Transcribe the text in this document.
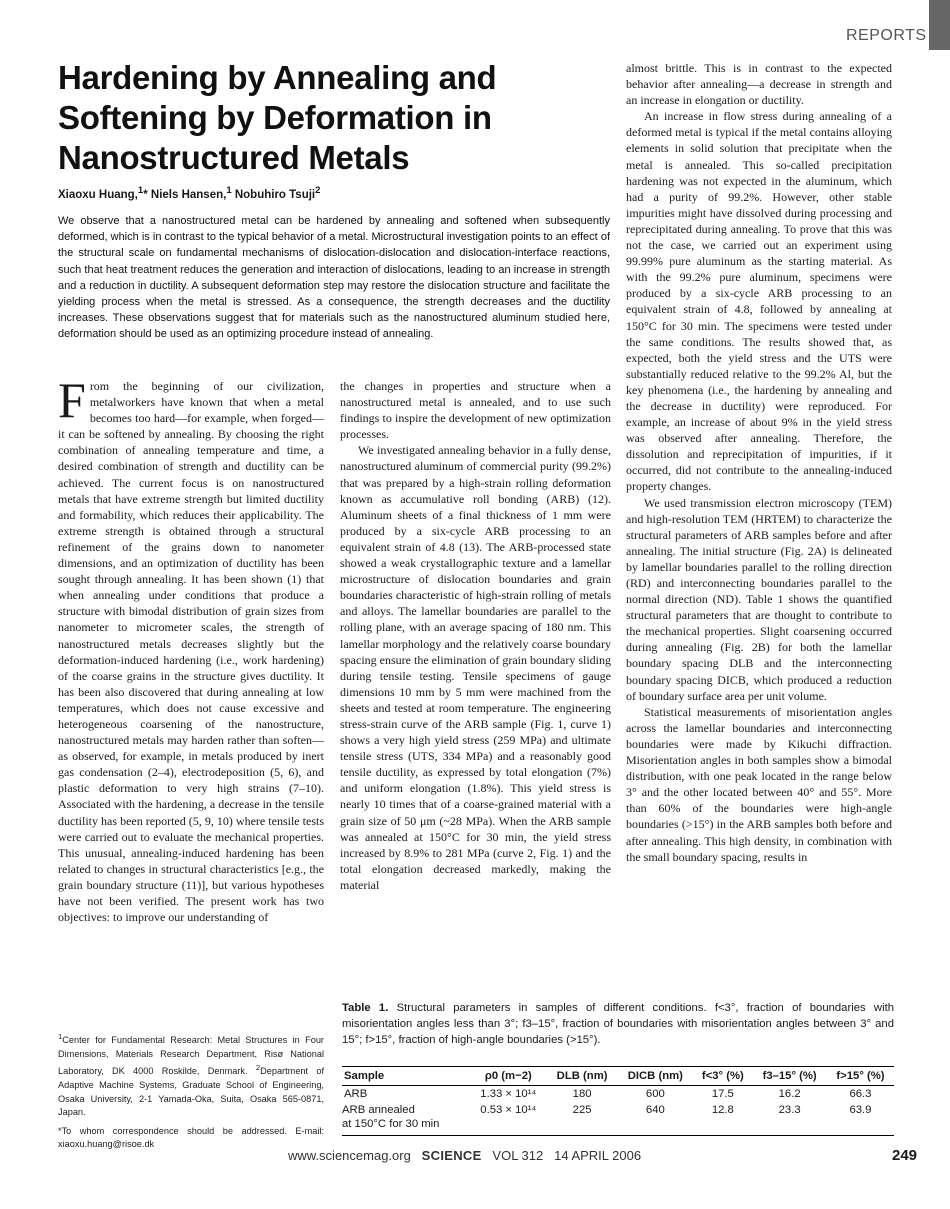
REPORTS
Hardening by Annealing and Softening by Deformation in Nanostructured Metals
Xiaoxu Huang,$^1$* Niels Hansen,$^1$ Nobuhiro Tsuji$^2$
We observe that a nanostructured metal can be hardened by annealing and softened when subsequently deformed, which is in contrast to the typical behavior of a metal. Microstructural investigation points to an effect of the structural scale on fundamental mechanisms of dislocation-dislocation and dislocation-interface reactions, such that heat treatment reduces the generation and interaction of dislocations, leading to an increase in strength and a reduction in ductility. A subsequent deformation step may restore the dislocation structure and facilitate the yielding process when the metal is stressed. As a consequence, the strength decreases and the ductility increases. These observations suggest that for materials such as the nanostructured aluminum studied here, deformation should be used as an optimizing procedure instead of annealing.

From the beginning of our civilization, metalworkers have known that when a metal becomes too hard—for example, when forged—it can be softened by annealing. By choosing the right combination of annealing temperature and time, a desired combination of strength and ductility can be achieved. The current focus is on nanostructured metals that have extreme strength but limited ductility and formability, which reduces their applicability. The extreme strength is obtained through a structural refinement of the grains down to nanometer dimensions, and an optimization of ductility has been sought through annealing. It has been shown (1) that when annealing under conditions that produce a structure with bimodal distribution of grain sizes from nanometer to micrometer scales, the strength of nanostructured metals decreases slightly but the deformation-induced hardening (i.e., work hardening) of the coarse grains in the structure gives ductility. It has been also discovered that during annealing at low temperatures, which does not cause excessive and heterogeneous coarsening of the nanostructure, nanostructured metals may harden rather than soften—as observed, for example, in metals produced by inert gas condensation (2–4), electrodeposition (5, 6), and plastic deformation to very high strains (7–10). Associated with the hardening, a decrease in the tensile ductility has been reported (5, 9, 10) where tensile tests were carried out to evaluate the mechanical properties. This unusual, annealing-induced hardening has been related to changes in structural characteristics [e.g., the grain boundary structure (11)], but various hypotheses have not been verified. The present work has two objectives: to improve our understanding of

the changes in properties and structure when a nanostructured metal is annealed, and to use such findings to inspire the development of new optimization processes.

We investigated annealing behavior in a fully dense, nanostructured aluminum of commercial purity (99.2%) that was prepared by a high-strain rolling deformation known as accumulative roll bonding (ARB) (12). Aluminum sheets of a final thickness of 1 mm were produced by a six-cycle ARB processing to an equivalent strain of 4.8 (13). The ARB-processed state showed a weak crystallographic texture and a lamellar microstructure of dislocation boundaries and grain boundaries characteristic of high-strain rolling of metals and alloys. The lamellar boundaries are parallel to the rolling plane, with an average spacing of 180 nm. This lamellar morphology and the relatively coarse boundary spacing ensure the elimination of grain boundary sliding during tensile testing. Tensile specimens of gauge dimensions 10 mm by 5 mm were machined from the sheets and tested at room temperature. The engineering stress-strain curve of the ARB sample (Fig. 1, curve 1) shows a very high yield stress (259 MPa) and ultimate tensile stress (UTS, 334 MPa) and a reasonably good tensile ductility, as expressed by total elongation (7%) and uniform elongation (1.8%). This yield stress is nearly 10 times that of a coarse-grained material with a grain size of 50 μm (~28 MPa). When the ARB sample was annealed at 150°C for 30 min, the yield stress increased by 8.9% to 281 MPa (curve 2, Fig. 1) and the total elongation decreased markedly, making the material

almost brittle. This is in contrast to the expected behavior after annealing—a decrease in strength and an increase in elongation or ductility.

An increase in flow stress during annealing of a deformed metal is typical if the metal contains alloying elements in solid solution that precipitate when the metal is annealed. This so-called precipitation hardening was not expected in the aluminum, which had a purity of 99.2%. However, other stable impurities might have dissolved during processing and reprecipitated during annealing. To prove that this was not the case, we carried out an experiment using 99.99% pure aluminum as the starting material. As with the 99.2% pure aluminum, specimens were produced by a six-cycle ARB processing to an equivalent strain of 4.8, followed by annealing at 150°C for 30 min. The specimens were tested under the same conditions. The results showed that, as expected, both the yield stress and the UTS were substantially reduced relative to the 99.2% Al, but the key phenomena (i.e., the hardening by annealing and the decrease in ductility) were reproduced. For example, an increase of about 9% in the yield stress was observed after annealing. Therefore, the dissolution and reprecipitation of impurities, if it occurred, did not contribute to the annealing-induced property changes.

We used transmission electron microscopy (TEM) and high-resolution TEM (HRTEM) to characterize the structural parameters of ARB samples before and after annealing. The initial structure (Fig. 2A) is delineated by lamellar boundaries parallel to the rolling direction (RD) and interconnecting boundaries parallel to the normal direction (ND). Table 1 shows the quantified structural parameters that are thought to contribute to the mechanical properties. Slight coarsening occurred during annealing (Fig. 2B) for both the lamellar boundary spacing DLB and the interconnecting boundary spacing DICB, which produced a reduction of boundary surface area per unit volume.

Statistical measurements of misorientation angles across the lamellar boundaries and interconnecting boundaries were made by Kikuchi diffraction. Misorientation angles in both samples show a bimodal distribution, with one peak located in the range below 3° and the other located between 40° and 55°. More than 60% of the boundaries were high-angle boundaries (>15°) in the ARB samples both before and after annealing. This high density, in combination with the small boundary spacing, results in

$^1$Center for Fundamental Research: Metal Structures in Four Dimensions, Materials Research Department, Risø National Laboratory, DK 4000 Roskilde, Denmark. $^2$Department of Adaptive Machine Systems, Graduate School of Engineering, Osaka University, 2-1 Yamada-Oka, Suita, Osaka 565-0871, Japan.

*To whom correspondence should be addressed. E-mail: xiaoxu.huang@risoe.dk

Table 1. Structural parameters in samples of different conditions. f<3°, fraction of boundaries with misorientation angles less than 3°; f3–15°, fraction of boundaries with misorientation angles between 3° and 15°; f>15°, fraction of high-angle boundaries (>15°).
Sample	ρ0 (m−2)	DLB (nm)	DICB (nm)	f<3° (%)	f3–15° (%)	f>15° (%)
ARB	1.33 × 10¹⁴	180	600	17.5	16.2	66.3
ARB annealed
at 150°C for 30 min	0.53 × 10¹⁴	225	640	12.8	23.3	63.9
www.sciencemag.org SCIENCE VOL 312 14 APRIL 2006	249
